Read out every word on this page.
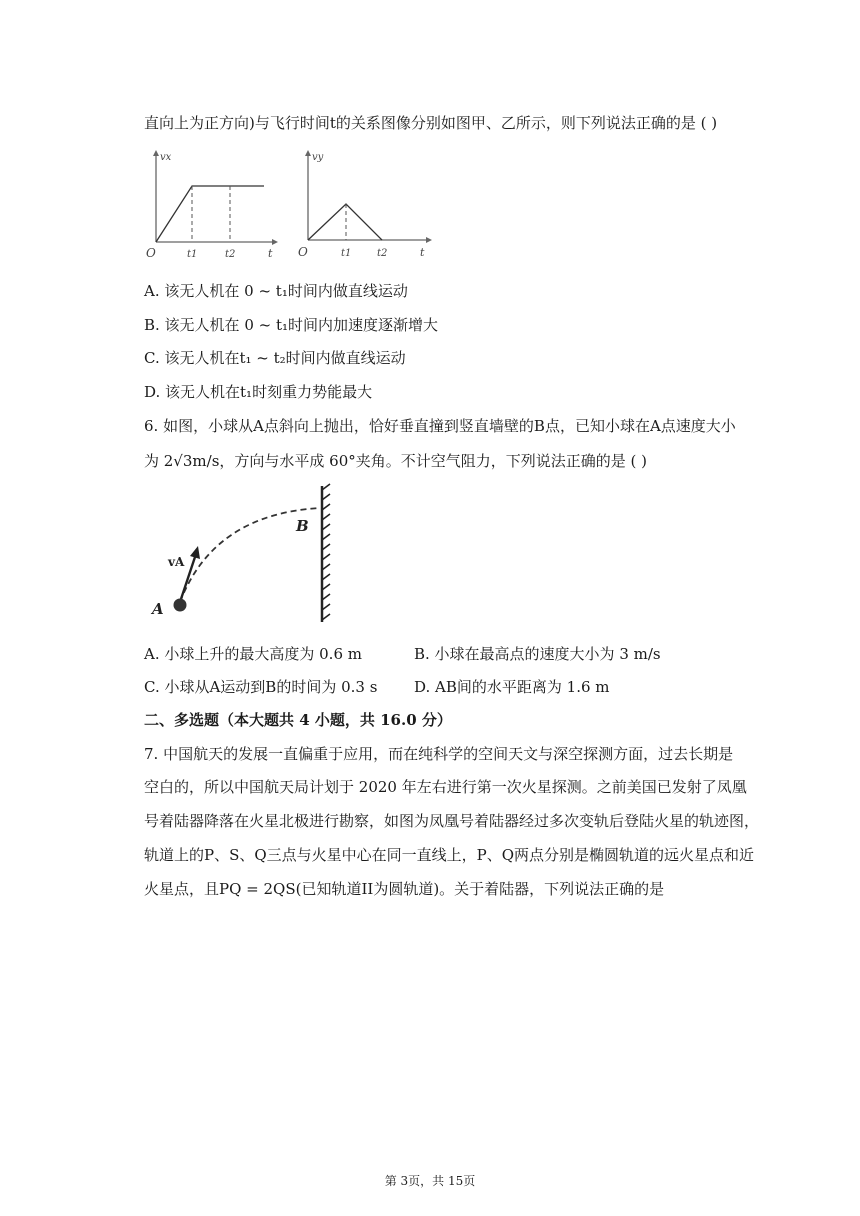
直向上为正方向)与飞行时间t的关系图像分别如图甲、乙所示，则下列说法正确的是 ( )
vx
O	t1	t2	t
vy
O	t1	t2	t
A. 该无人机在 0 ~ t₁时间内做直线运动
B. 该无人机在 0 ~ t₁时间内加速度逐渐增大
C. 该无人机在t₁ ~ t₂时间内做直线运动
D. 该无人机在t₁时刻重力势能最大
6. 如图，小球从A点斜向上抛出，恰好垂直撞到竖直墙壁的B点，已知小球在A点速度大小
为 2√3m/s，方向与水平成 60°夹角。不计空气阻力，下列说法正确的是 ( )
A
B
vA
A. 小球上升的最大高度为 0.6 m	B. 小球在最高点的速度大小为 3 m/s
C. 小球从A运动到B的时间为 0.3 s D. AB间的水平距离为 1.6 m
二、多选题（本大题共 4 小题，共 16.0 分）
7. 中国航天的发展一直偏重于应用，而在纯科学的空间天文与深空探测方面，过去长期是
空白的，所以中国航天局计划于 2020 年左右进行第一次火星探测。之前美国已发射了凤凰
号着陆器降落在火星北极进行勘察，如图为凤凰号着陆器经过多次变轨后登陆火星的轨迹图，
轨道上的P、S、Q三点与火星中心在同一直线上，P、Q两点分别是椭圆轨道的远火星点和近
火星点，且PQ = 2QS(已知轨道II为圆轨道)。关于着陆器，下列说法正确的是
第 3页，共 15页
